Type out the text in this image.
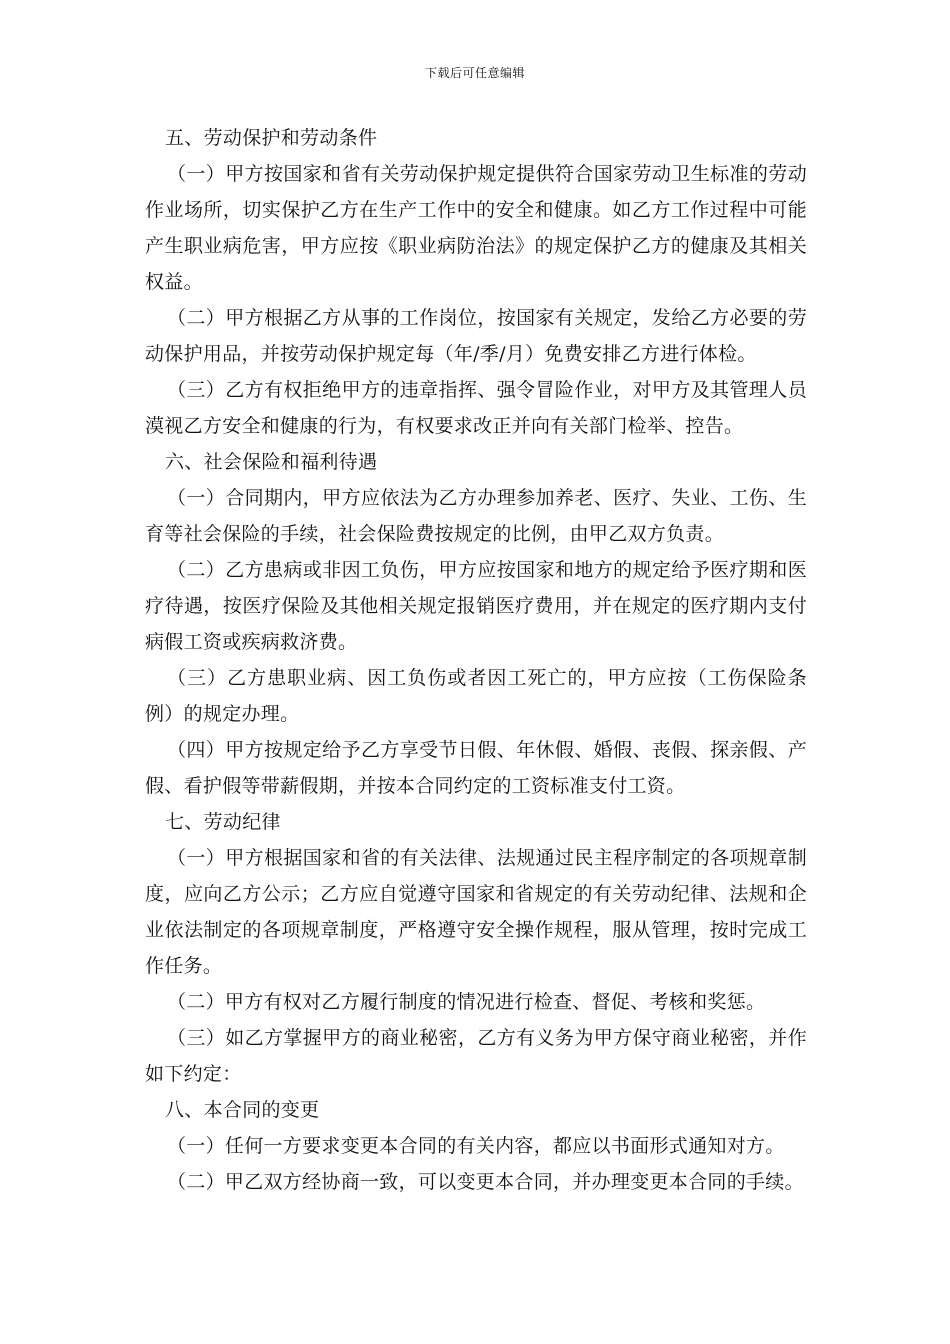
下载后可任意编辑
五、劳动保护和劳动条件
（一）甲方按国家和省有关劳动保护规定提供符合国家劳动卫生标准的劳动
作业场所，切实保护乙方在生产工作中的安全和健康。如乙方工作过程中可能
产生职业病危害，甲方应按《职业病防治法》的规定保护乙方的健康及其相关
权益。
（二）甲方根据乙方从事的工作岗位，按国家有关规定，发给乙方必要的劳
动保护用品，并按劳动保护规定每（年/季/月）免费安排乙方进行体检。
（三）乙方有权拒绝甲方的违章指挥、强令冒险作业，对甲方及其管理人员
漠视乙方安全和健康的行为，有权要求改正并向有关部门检举、控告。
六、社会保险和福利待遇
（一）合同期内，甲方应依法为乙方办理参加养老、医疗、失业、工伤、生
育等社会保险的手续，社会保险费按规定的比例，由甲乙双方负责。
（二）乙方患病或非因工负伤，甲方应按国家和地方的规定给予医疗期和医
疗待遇，按医疗保险及其他相关规定报销医疗费用，并在规定的医疗期内支付
病假工资或疾病救济费。
（三）乙方患职业病、因工负伤或者因工死亡的，甲方应按（工伤保险条
例）的规定办理。
（四）甲方按规定给予乙方享受节日假、年休假、婚假、丧假、探亲假、产
假、看护假等带薪假期，并按本合同约定的工资标准支付工资。
七、劳动纪律
（一）甲方根据国家和省的有关法律、法规通过民主程序制定的各项规章制
度，应向乙方公示；乙方应自觉遵守国家和省规定的有关劳动纪律、法规和企
业依法制定的各项规章制度，严格遵守安全操作规程，服从管理，按时完成工
作任务。
（二）甲方有权对乙方履行制度的情况进行检查、督促、考核和奖惩。
（三）如乙方掌握甲方的商业秘密，乙方有义务为甲方保守商业秘密，并作
如下约定：
八、本合同的变更
（一）任何一方要求变更本合同的有关内容，都应以书面形式通知对方。
（二）甲乙双方经协商一致，可以变更本合同，并办理变更本合同的手续。
